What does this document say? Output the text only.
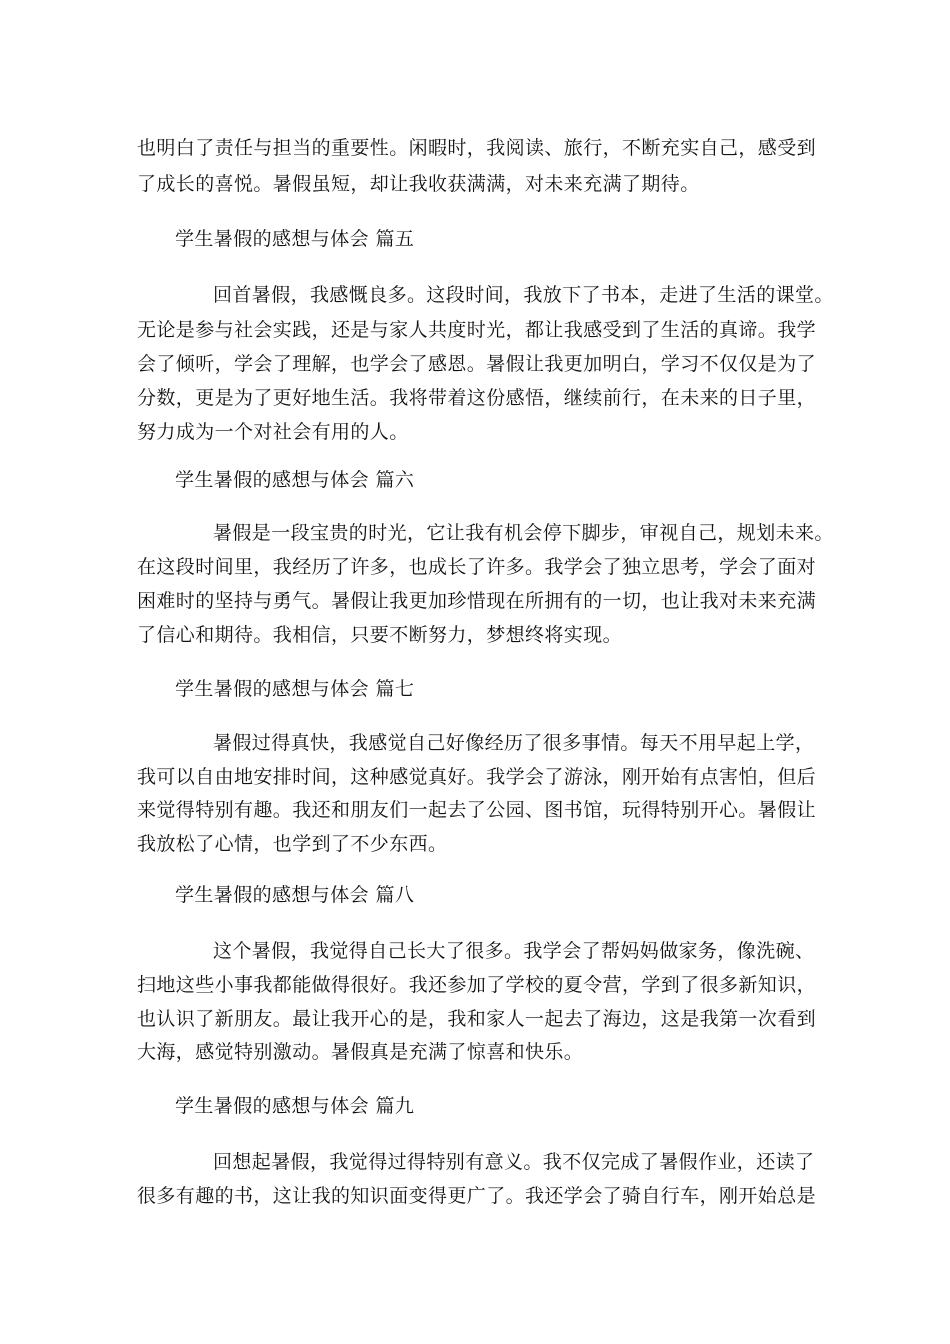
也明白了责任与担当的重要性。闲暇时，我阅读、旅行，不断充实自己，感受到
了成长的喜悦。暑假虽短，却让我收获满满，对未来充满了期待。
学生暑假的感想与体会 篇五
回首暑假，我感慨良多。这段时间，我放下了书本，走进了生活的课堂。
无论是参与社会实践，还是与家人共度时光，都让我感受到了生活的真谛。我学
会了倾听，学会了理解，也学会了感恩。暑假让我更加明白，学习不仅仅是为了
分数，更是为了更好地生活。我将带着这份感悟，继续前行，在未来的日子里，
努力成为一个对社会有用的人。
学生暑假的感想与体会 篇六
暑假是一段宝贵的时光，它让我有机会停下脚步，审视自己，规划未来。
在这段时间里，我经历了许多，也成长了许多。我学会了独立思考，学会了面对
困难时的坚持与勇气。暑假让我更加珍惜现在所拥有的一切，也让我对未来充满
了信心和期待。我相信，只要不断努力，梦想终将实现。
学生暑假的感想与体会 篇七
暑假过得真快，我感觉自己好像经历了很多事情。每天不用早起上学，
我可以自由地安排时间，这种感觉真好。我学会了游泳，刚开始有点害怕，但后
来觉得特别有趣。我还和朋友们一起去了公园、图书馆，玩得特别开心。暑假让
我放松了心情，也学到了不少东西。
学生暑假的感想与体会 篇八
这个暑假，我觉得自己长大了很多。我学会了帮妈妈做家务，像洗碗、
扫地这些小事我都能做得很好。我还参加了学校的夏令营，学到了很多新知识，
也认识了新朋友。最让我开心的是，我和家人一起去了海边，这是我第一次看到
大海，感觉特别激动。暑假真是充满了惊喜和快乐。
学生暑假的感想与体会 篇九
回想起暑假，我觉得过得特别有意义。我不仅完成了暑假作业，还读了
很多有趣的书，这让我的知识面变得更广了。我还学会了骑自行车，刚开始总是
